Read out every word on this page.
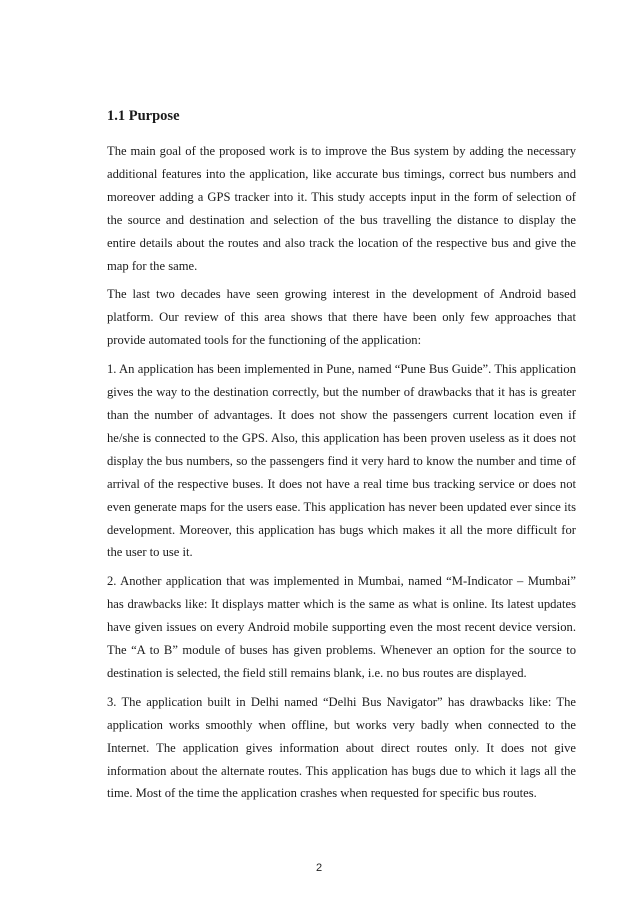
1.1 Purpose

The main goal of the proposed work is to improve the Bus system by adding the necessary additional features into the application, like accurate bus timings, correct bus numbers and moreover adding a GPS tracker into it. This study accepts input in the form of selection of the source and destination and selection of the bus travelling the distance to display the entire details about the routes and also track the location of the respective bus and give the map for the same.

The last two decades have seen growing interest in the development of Android based platform. Our review of this area shows that there have been only few approaches that provide automated tools for the functioning of the application:

1. An application has been implemented in Pune, named “Pune Bus Guide”. This application gives the way to the destination correctly, but the number of drawbacks that it has is greater than the number of advantages. It does not show the passengers current location even if he/she is connected to the GPS. Also, this application has been proven useless as it does not display the bus numbers, so the passengers find it very hard to know the number and time of arrival of the respective buses. It does not have a real time bus tracking service or does not even generate maps for the users ease. This application has never been updated ever since its development. Moreover, this application has bugs which makes it all the more difficult for the user to use it.

2. Another application that was implemented in Mumbai, named “M-Indicator – Mumbai” has drawbacks like: It displays matter which is the same as what is online. Its latest updates have given issues on every Android mobile supporting even the most recent device version. The “A to B” module of buses has given problems. Whenever an option for the source to destination is selected, the field still remains blank, i.e. no bus routes are displayed.

3. The application built in Delhi named “Delhi Bus Navigator” has drawbacks like: The application works smoothly when offline, but works very badly when connected to the Internet. The application gives information about direct routes only. It does not give information about the alternate routes. This application has bugs due to which it lags all the time. Most of the time the application crashes when requested for specific bus routes.

2
